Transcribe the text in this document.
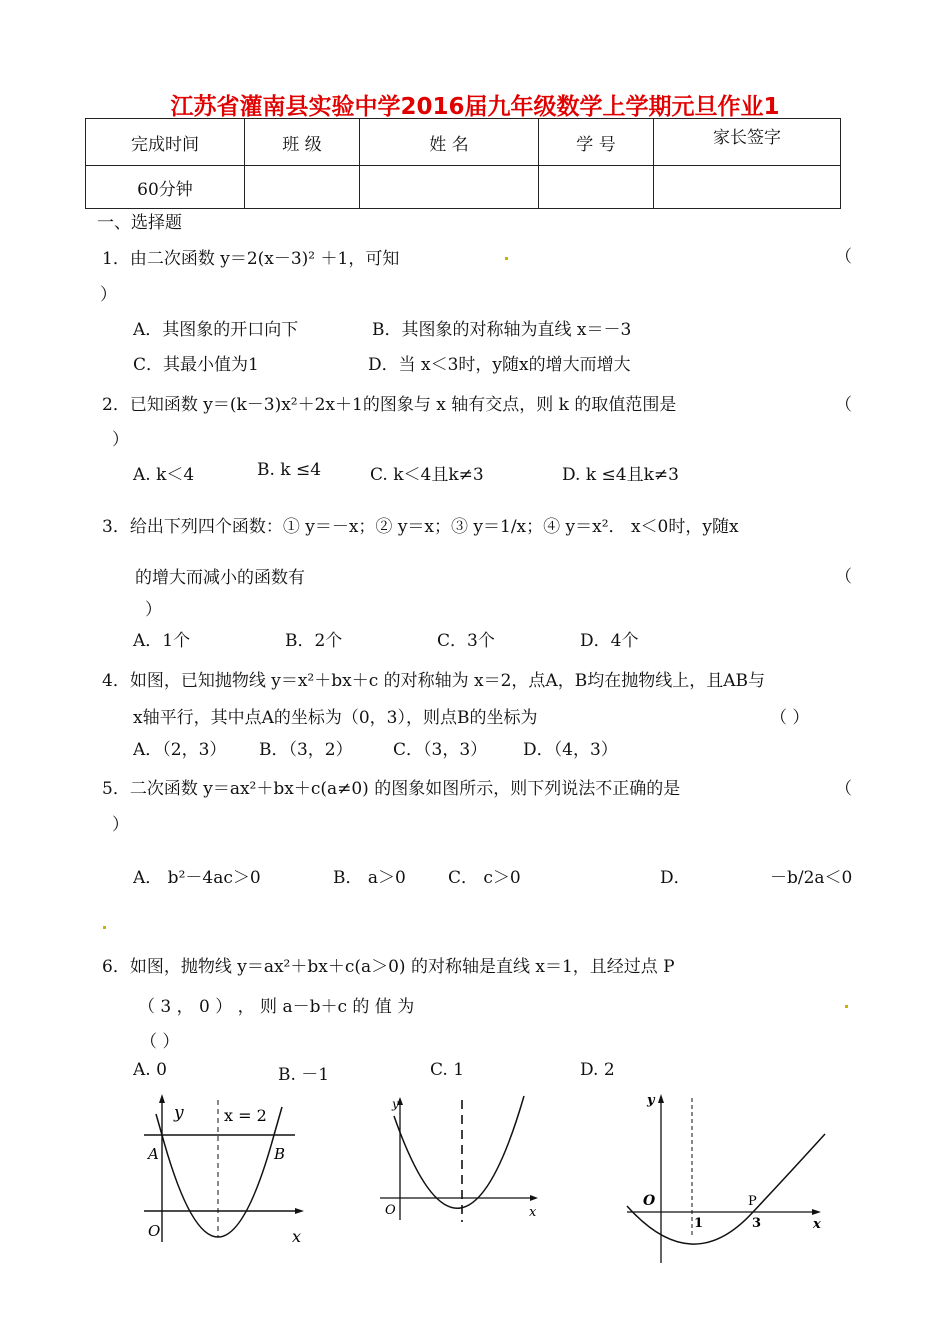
江苏省灌南县实验中学2016届九年级数学上学期元旦作业1
完成时间	班 级	姓 名	学 号	家长签字
60分钟				
一、选择题
1．由二次函数 y＝2(x－3)² ＋1，可知	（
）
A．其图象的开口向下	B．其图象的对称轴为直线 x＝－3
C．其最小值为1	D．当 x＜3时，y随x的增大而增大
2．已知函数 y＝(k－3)x²＋2x＋1的图象与 x 轴有交点，则 k 的取值范围是	（
）
A. k＜4	B. k ≤4	C. k＜4且k≠3	D. k ≤4且k≠3
3．给出下列四个函数：① y＝－x；② y＝x；③ y＝1/x；④ y＝x²． x＜0时，y随x
的增大而减小的函数有	（
）
A．1个	B．2个	C．3个	D．4个
4．如图，已知抛物线 y＝x²＋bx＋c 的对称轴为 x＝2，点A，B均在抛物线上，且AB与
x轴平行，其中点A的坐标为（0，3），则点B的坐标为	（ ）
A．（2，3） B．（3，2） C．（3，3） D．（4，3）
5．二次函数 y＝ax²＋bx＋c(a≠0) 的图象如图所示，则下列说法不正确的是	（
）
A． b²－4ac＞0	B． a＞0 C． c＞0	D．	－b/2a＜0
6．如图，抛物线 y＝ax²＋bx＋c(a＞0) 的对称轴是直线 x＝1，且经过点 P
（ 3 ， 0 ） ， 则 a－b＋c 的 值 为
（ ）
A. 0	B. －1	C. 1	D. 2
y
x
O
x = 2
A	B
y
x
O
y
x
O
1	3
P
